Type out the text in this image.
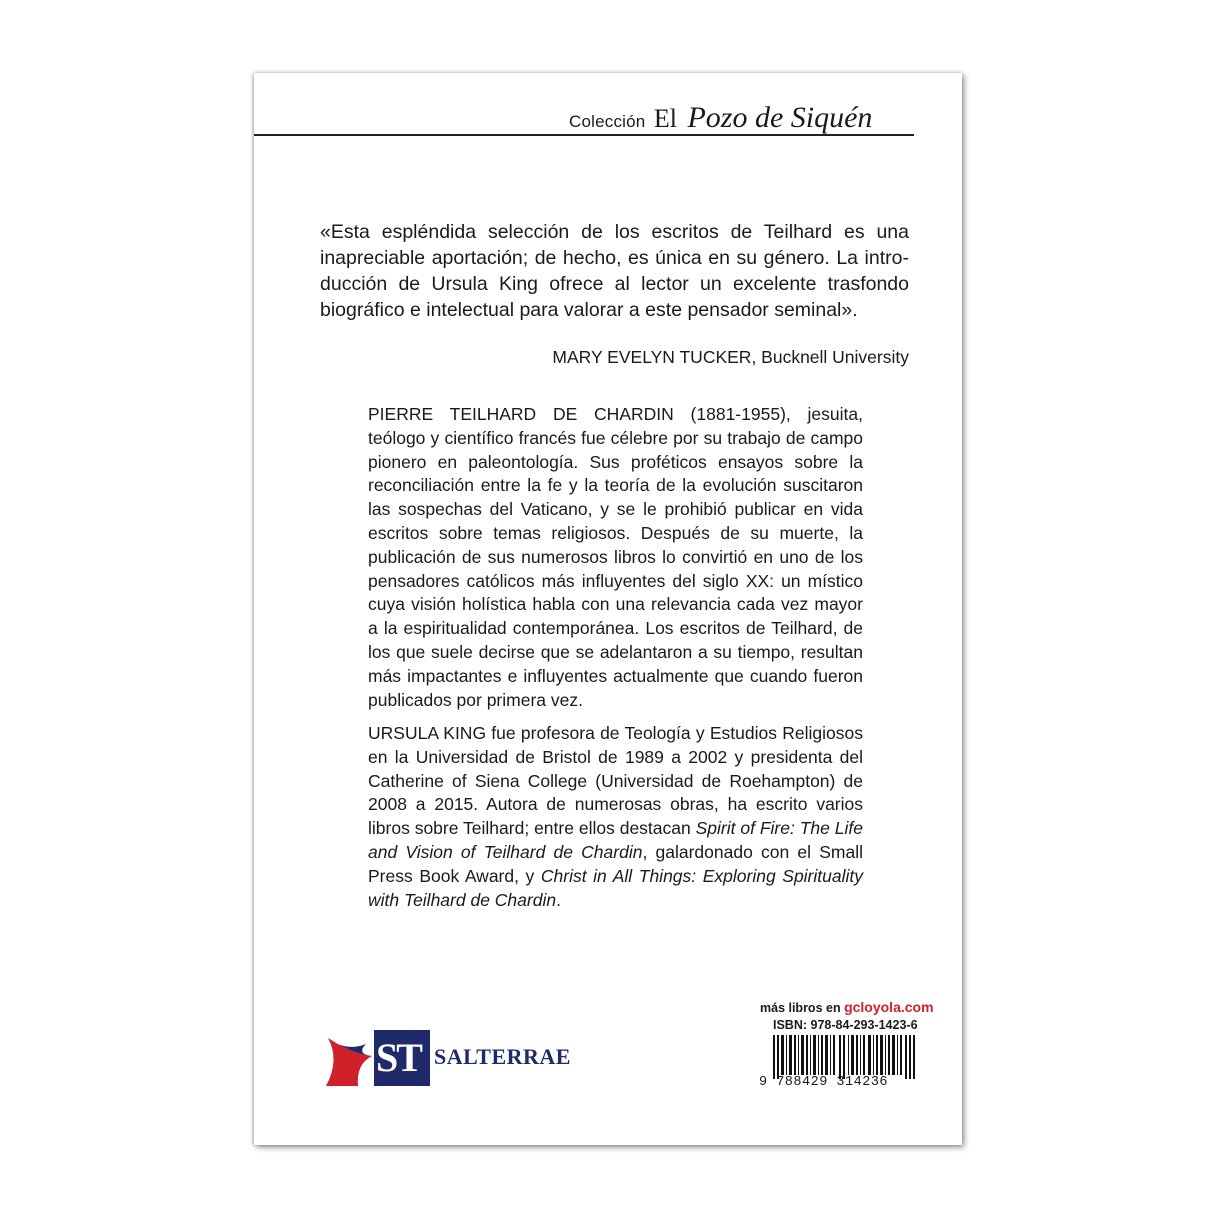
Colección El Pozo de Siquén
«Esta espléndida selección de los escritos de Teilhard es una inapreciable aportación; de hecho, es única en su género. La introducción de Ursula King ofrece al lector un excelente trasfondo biográfico e intelectual para valorar a este pensador seminal».
MARY EVELYN TUCKER, Bucknell University
PIERRE TEILHARD DE CHARDIN (1881-1955), jesuita, teólogo y científico francés fue célebre por su trabajo de campo pionero en paleontología. Sus proféticos ensayos sobre la reconciliación entre la fe y la teoría de la evolución suscitaron las sospechas del Vaticano, y se le prohibió publicar en vida escritos sobre temas religiosos. Después de su muerte, la publicación de sus numerosos libros lo convirtió en uno de los pensadores católicos más influyentes del siglo XX: un místico cuya visión holística habla con una relevancia cada vez mayor a la espiritualidad contemporánea. Los escritos de Teilhard, de los que suele decirse que se adelantaron a su tiempo, resultan más impactantes e influyentes actualmente que cuando fueron publicados por primera vez.
URSULA KING fue profesora de Teología y Estudios Religiosos en la Universidad de Bristol de 1989 a 2002 y presidenta del Catherine of Siena College (Universidad de Roehampton) de 2008 a 2015. Autora de numerosas obras, ha escrito varios libros sobre Teilhard; entre ellos destacan Spirit of Fire: The Life and Vision of Teilhard de Chardin, galardonado con el Small Press Book Award, y Christ in All Things: Exploring Spirituality with Teilhard de Chardin.
ST SALTERRAE
más libros en gcloyola.com
ISBN: 978-84-293-1423-6
9 788429 314236
